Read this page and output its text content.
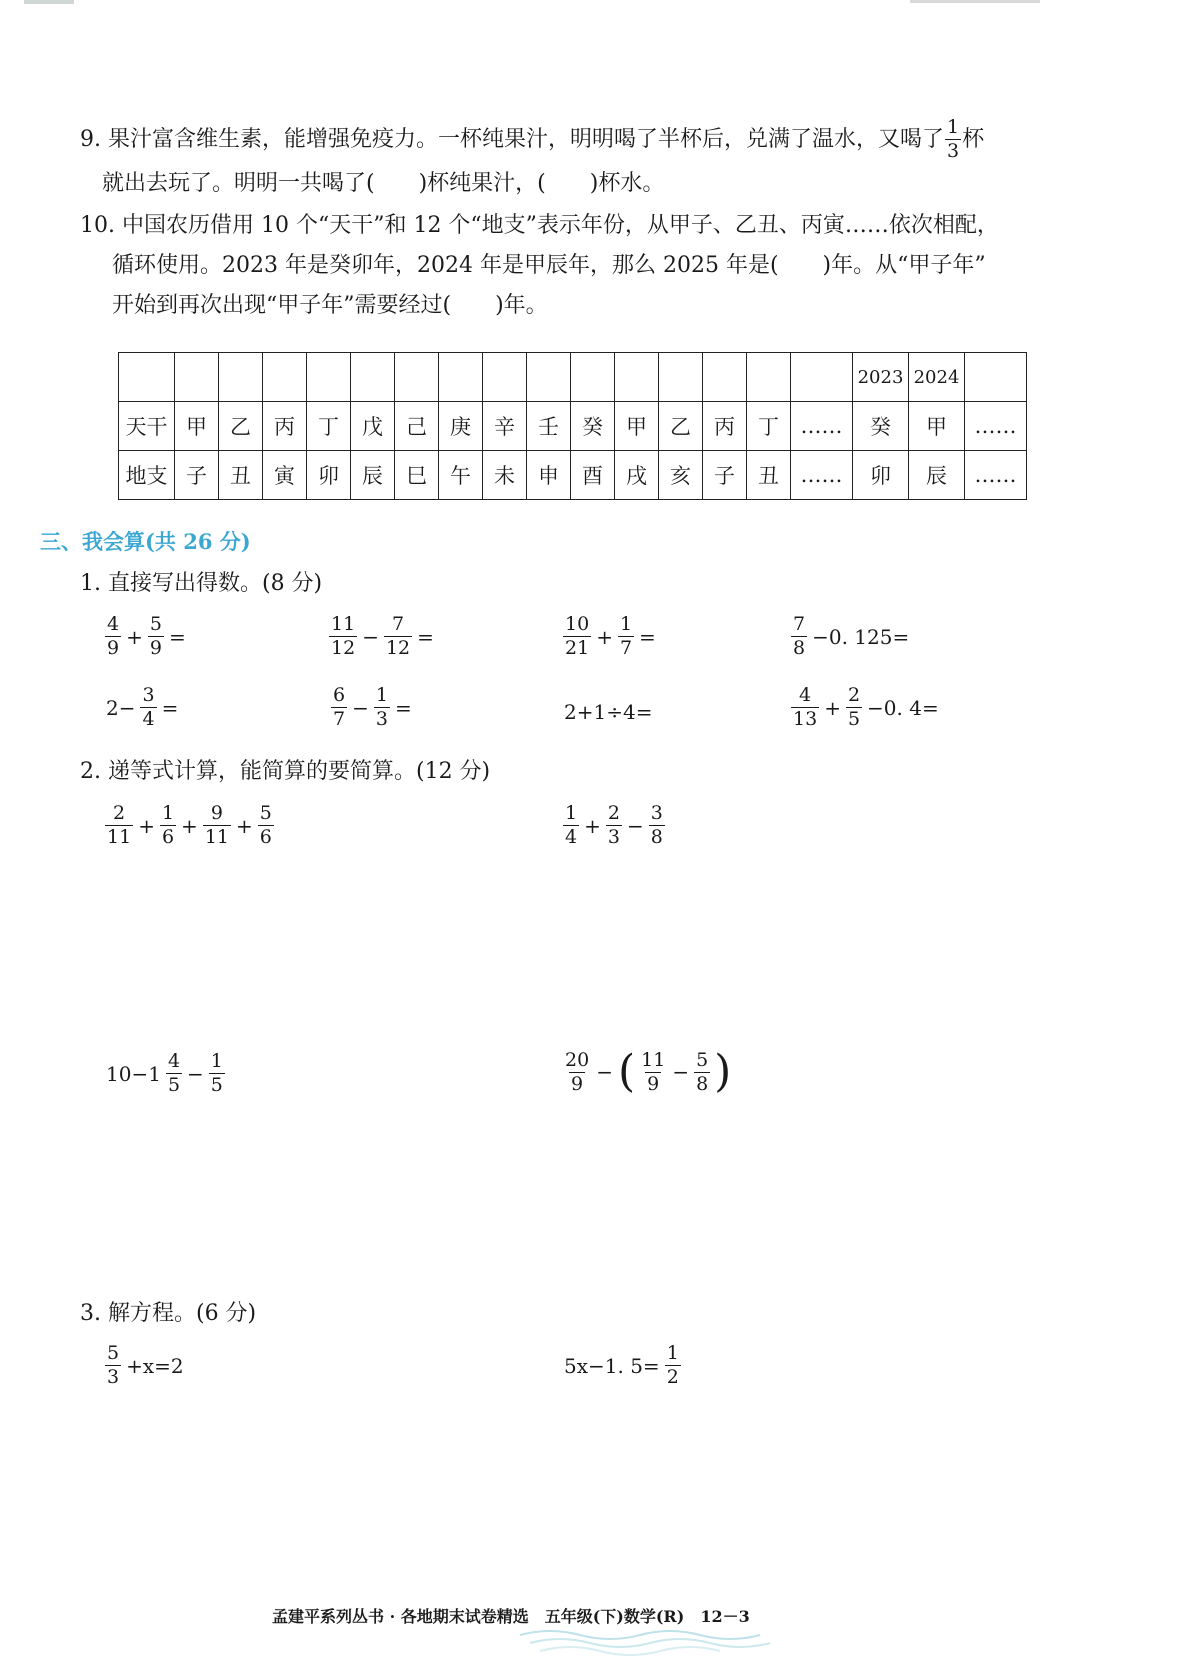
9. 果汁富含维生素，能增强免疫力。一杯纯果汁，明明喝了半杯后，兑满了温水，又喝了 $\frac{1}{3}$ 杯
就出去玩了。明明一共喝了( )杯纯果汁，( )杯水。
10. 中国农历借用 10 个“天干”和 12 个“地支”表示年份，从甲子、乙丑、丙寅……依次相配，
循环使用。2023 年是癸卯年，2024 年是甲辰年，那么 2025 年是( )年。从“甲子年”
开始到再次出现“甲子年”需要经过( )年。
																2023	2024	
天干	甲	乙	丙	丁	戊	己	庚	辛	壬	癸	甲	乙	丙	丁	……	癸	甲	……
地支	子	丑	寅	卯	辰	巳	午	未	申	酉	戌	亥	子	丑	……	卯	辰	……
三、我会算(共 26 分)
1. 直接写出得数。(8 分)
$\frac{4}{9} + \frac{5}{9}$ =	$\frac{11}{12} - \frac{7}{12}$ =	$\frac{10}{21} + \frac{1}{7}$ =	$\frac{7}{8} -0$. 125=
$2- \frac{3}{4}$ =	$\frac{6}{7} - \frac{1}{3}$ =	2+1÷4=	$\frac{4}{13} + \frac{2}{5} -0$. 4=
2. 递等式计算，能简算的要简算。(12 分)
$\frac{2}{11} + \frac{1}{6} + \frac{9}{11} + \frac{5}{6}$	$\frac{1}{4} + \frac{2}{3} - \frac{3}{8}$
$10-1 \frac{4}{5} - \frac{1}{5}$	$\frac{20}{9}$ − ( $\frac{11}{9} - \frac{5}{8}$ )
3. 解方程。(6 分)
$\frac{5}{3} +x=2$	5x−1. $5= \frac{1}{2}$
孟建平系列丛书 · 各地期末试卷精选 五年级(下)数学(R) 12－3
